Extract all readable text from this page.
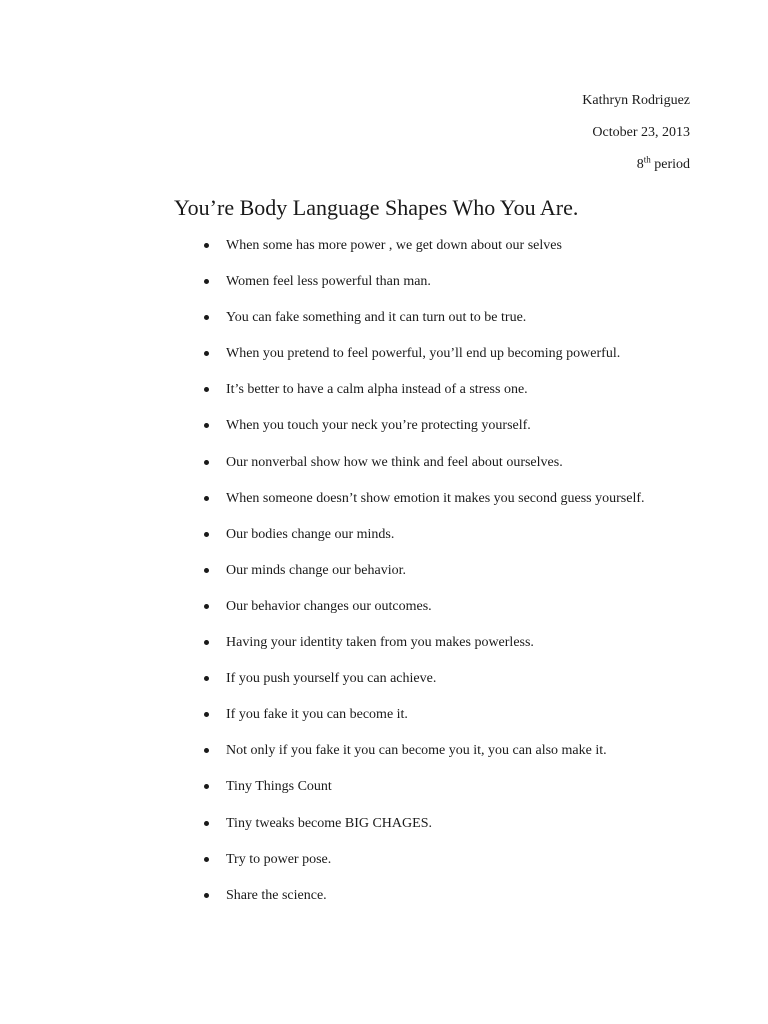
Kathryn Rodriguez
October 23, 2013
8th period
You’re Body Language Shapes Who You Are.
When some has more power , we get down about our selves
Women feel less powerful than man.
You can fake something and it can turn out to be true.
When you pretend to feel powerful, you’ll end up becoming powerful.
It’s better to have a calm alpha instead of a stress one.
When you touch your neck you’re protecting yourself.
Our nonverbal show how we think and feel about ourselves.
When someone doesn’t show emotion it makes you second guess yourself.
Our bodies change our minds.
Our minds change our behavior.
Our behavior changes our outcomes.
Having your identity taken from you makes powerless.
If you push yourself you can achieve.
If you fake it you can become it.
Not only if you fake it you can become you it, you can also make it.
Tiny Things Count
Tiny tweaks become BIG CHAGES.
Try to power pose.
Share the science.
